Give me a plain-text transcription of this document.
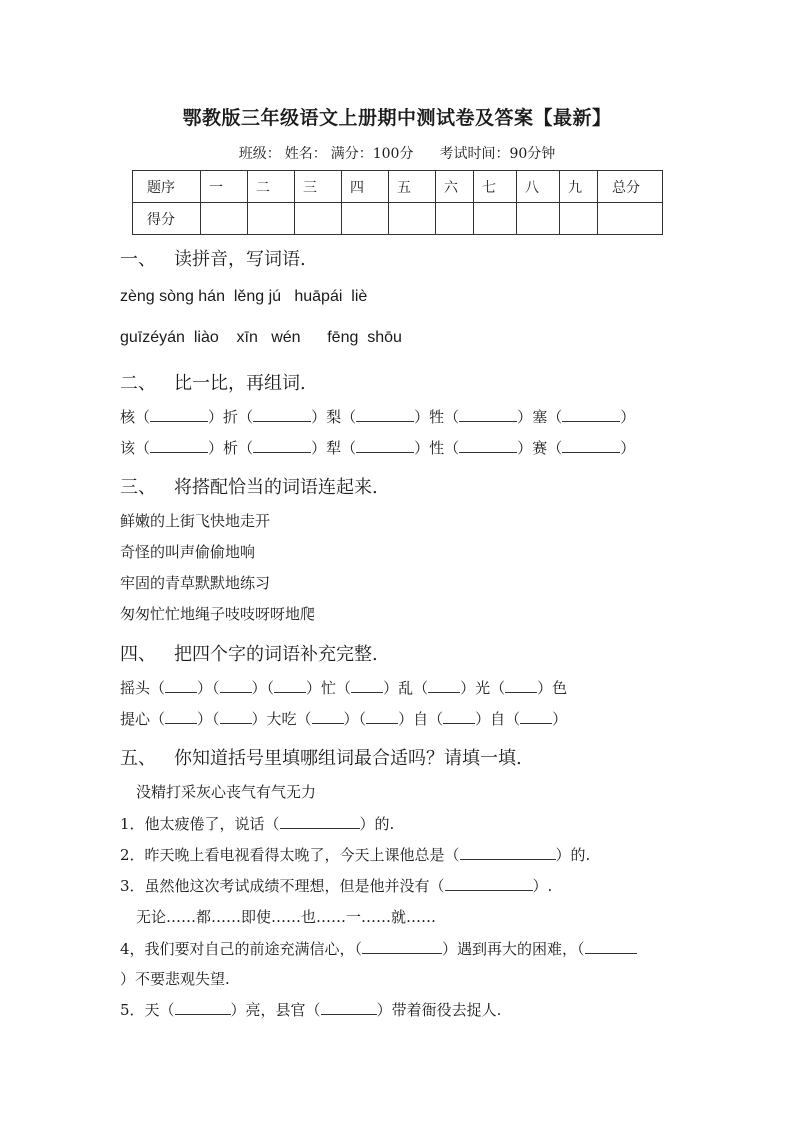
鄂教版三年级语文上册期中测试卷及答案【最新】
班级： 姓名： 满分：100分 考试时间：90分钟
题序	一	二	三	四	五	六	七	八	九	总分
得分										
一、 读拼音，写词语.
zèng sòng hán  lěng jú   huāpái  liè
guīzéyán  liào    xīn   wén      fēng  shōu
二、 比一比，再组词.
核（	）折（	）梨（	）牲（	）塞（	）
该（	）析（	）犁（	）性（	）赛（	）
三、 将搭配恰当的词语连起来.
鲜嫩的上街飞快地走开
奇怪的叫声偷偷地响
牢固的青草默默地练习
匆匆忙忙地绳子吱吱呀呀地爬
四、 把四个字的词语补充完整.
摇头（ ）（ ）（ ）忙（ ）乱（ ）光（ ）色
提心（ ）（ ）大吃（ ）（ ）自（ ）自（ ）
五、 你知道括号里填哪组词最合适吗？请填一填.
没精打采灰心丧气有气无力
1．他太疲倦了，说话（	）的.
2．昨天晚上看电视看得太晚了，今天上课他总是（	）的.
3．虽然他这次考试成绩不理想，但是他并没有（	）.
无论……都……即使……也……一……就……
4，我们要对自己的前途充满信心，（	）遇到再大的困难，（
）不要悲观失望.
5．天（	）亮，县官（	）带着衙役去捉人.
